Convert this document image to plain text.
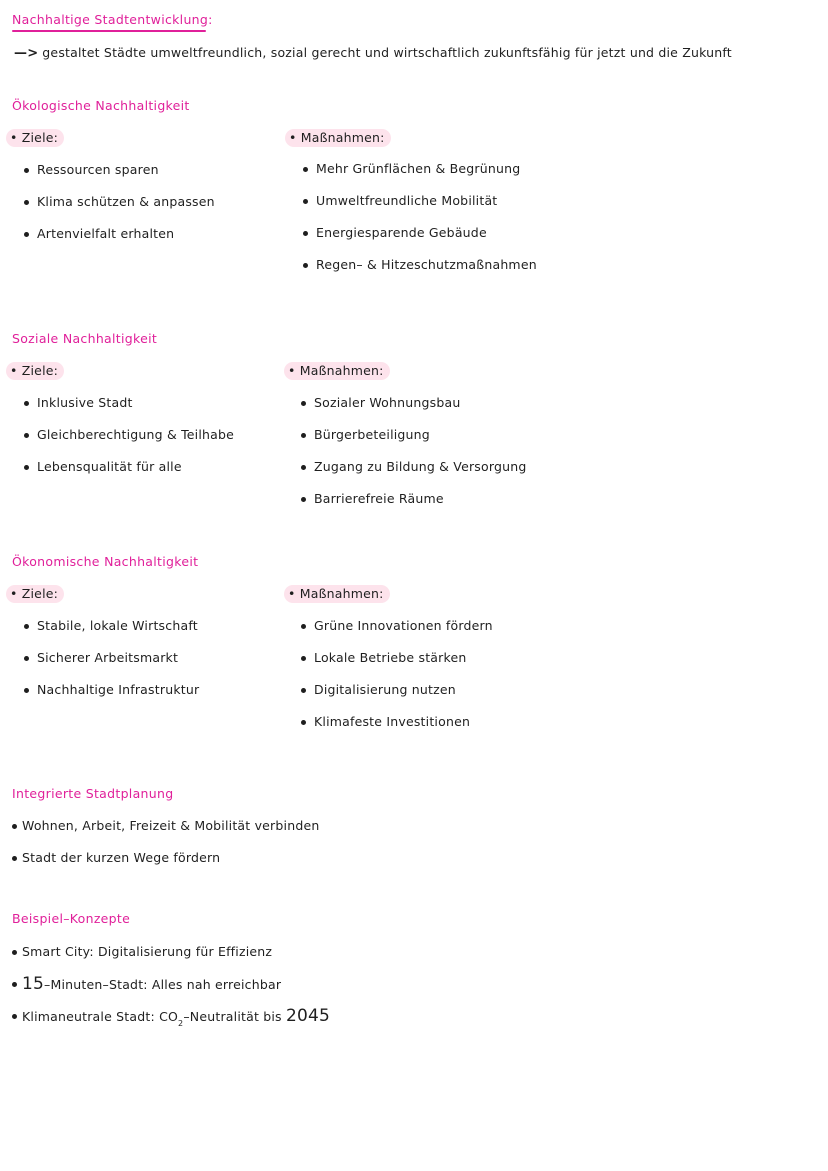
Nachhaltige Stadtentwicklung:
—> gestaltet Städte umweltfreundlich, sozial gerecht und wirtschaftlich zukunftsfähig für jetzt und die Zukunft
Ökologische Nachhaltigkeit
• Ziele:
Ressourcen sparen
Klima schützen & anpassen
Artenvielfalt erhalten
• Maßnahmen:
Mehr Grünflächen & Begrünung
Umweltfreundliche Mobilität
Energiesparende Gebäude
Regen– & Hitzeschutzmaßnahmen
Soziale Nachhaltigkeit
• Ziele:
Inklusive Stadt
Gleichberechtigung & Teilhabe
Lebensqualität für alle
• Maßnahmen:
Sozialer Wohnungsbau
Bürgerbeteiligung
Zugang zu Bildung & Versorgung
Barrierefreie Räume
Ökonomische Nachhaltigkeit
• Ziele:
Stabile, lokale Wirtschaft
Sicherer Arbeitsmarkt
Nachhaltige Infrastruktur
• Maßnahmen:
Grüne Innovationen fördern
Lokale Betriebe stärken
Digitalisierung nutzen
Klimafeste Investitionen
Integrierte Stadtplanung
Wohnen, Arbeit, Freizeit & Mobilität verbinden
Stadt der kurzen Wege fördern
Beispiel–Konzepte
Smart City: Digitalisierung für Effizienz
15–Minuten–Stadt: Alles nah erreichbar
Klimaneutrale Stadt: $CO_2$–Neutralität bis 2045
